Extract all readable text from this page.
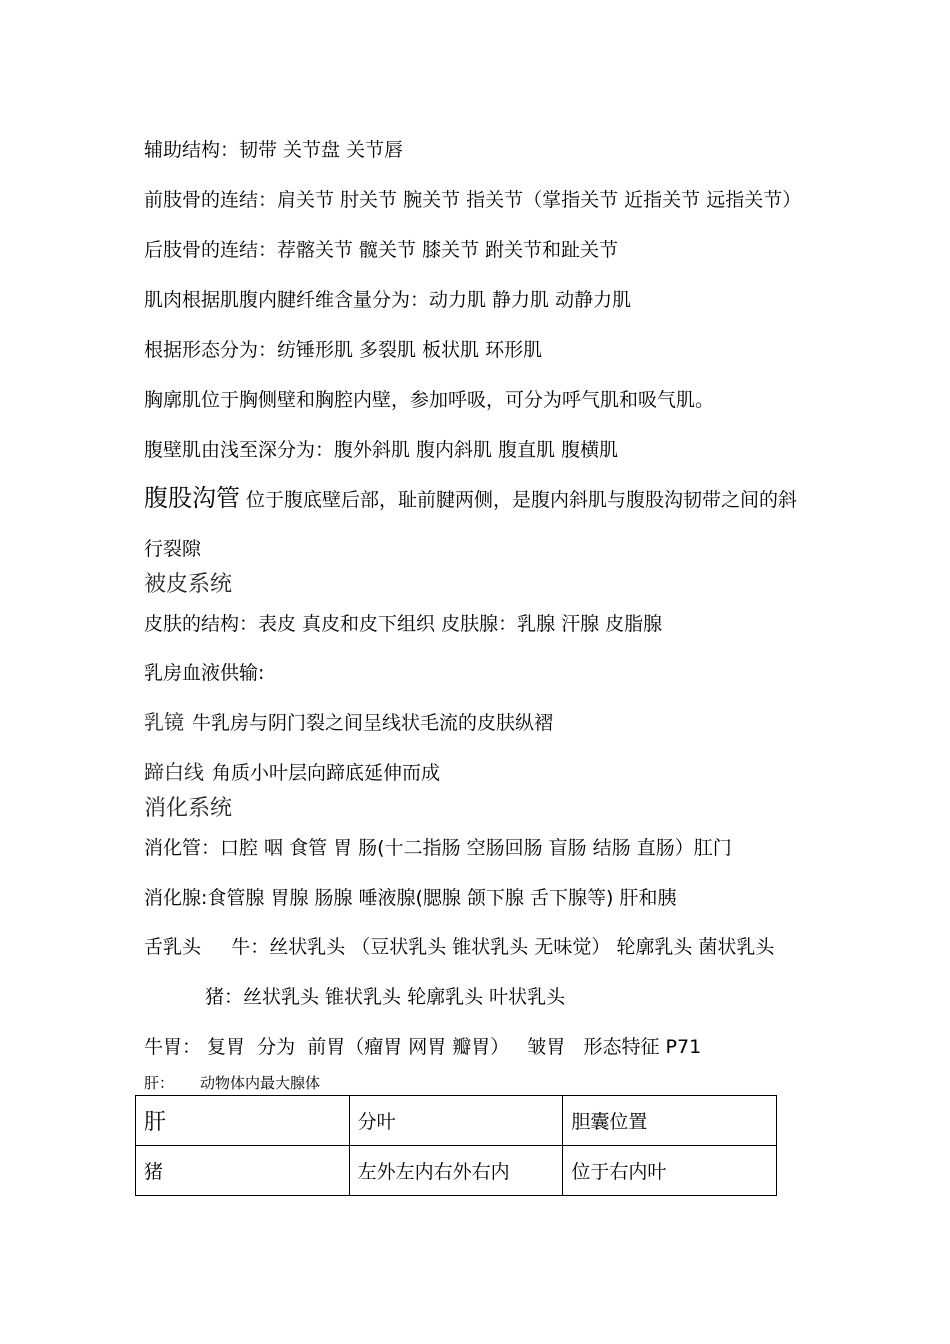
辅助结构：韧带 关节盘 关节唇
前肢骨的连结：肩关节 肘关节 腕关节 指关节（掌指关节 近指关节 远指关节）
后肢骨的连结：荐髂关节 髋关节 膝关节 跗关节和趾关节
肌肉根据肌腹内腱纤维含量分为：动力肌 静力肌 动静力肌
根据形态分为：纺锤形肌 多裂肌 板状肌 环形肌
胸廓肌位于胸侧壁和胸腔内壁，参加呼吸，可分为呼气肌和吸气肌。
腹壁肌由浅至深分为：腹外斜肌 腹内斜肌 腹直肌 腹横肌
腹股沟管 位于腹底壁后部，耻前腱两侧，是腹内斜肌与腹股沟韧带之间的斜
行裂隙
被皮系统
皮肤的结构：表皮 真皮和皮下组织 皮肤腺：乳腺 汗腺 皮脂腺
乳房血液供输:
乳镜 牛乳房与阴门裂之间呈线状毛流的皮肤纵褶
蹄白线 角质小叶层向蹄底延伸而成
消化系统
消化管：口腔 咽 食管 胃 肠(十二指肠 空肠回肠 盲肠 结肠 直肠）肛门
消化腺:食管腺 胃腺 肠腺 唾液腺(腮腺 颌下腺 舌下腺等) 肝和胰
舌乳头     牛：丝状乳头 （豆状乳头 锥状乳头 无味觉） 轮廓乳头 菌状乳头
猪：丝状乳头 锥状乳头 轮廓乳头 叶状乳头
牛胃： 复胃  分为  前胃（瘤胃 网胃 瓣胃）   皱胃   形态特征 P71
肝： 动物体内最大腺体
肝	分叶	胆囊位置
猪	左外左内右外右内	位于右内叶
